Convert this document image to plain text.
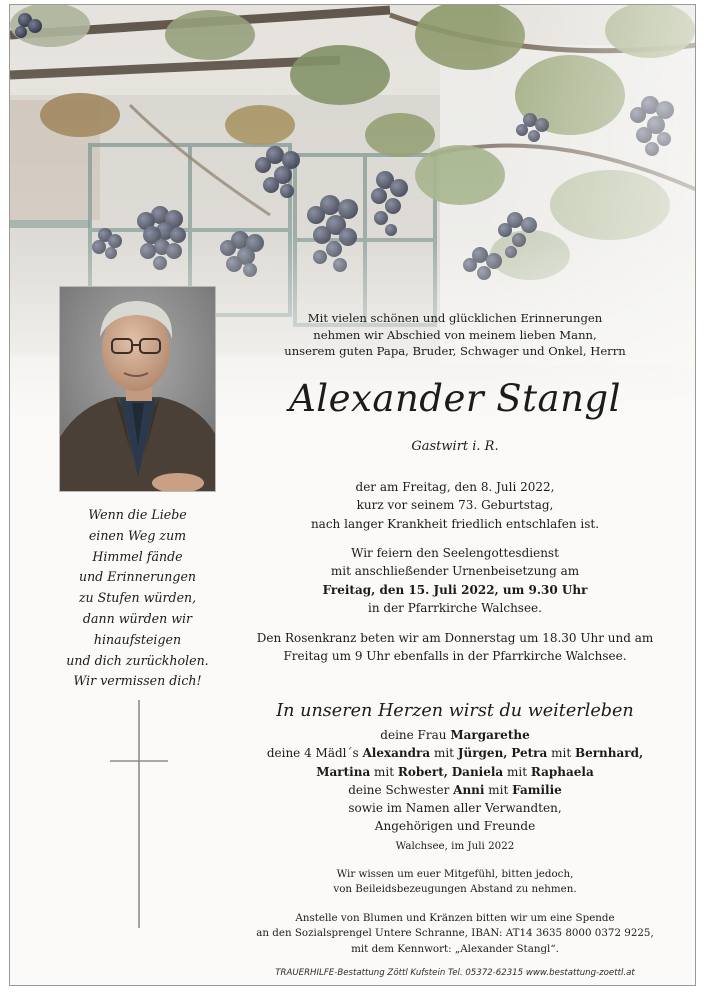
Wenn die Liebe
einen Weg zum
Himmel fände
und Erinnerungen
zu Stufen würden,
dann würden wir
hinaufsteigen
und dich zurückholen.
Wir vermissen dich!
Mit vielen schönen und glücklichen Erinnerungen
nehmen wir Abschied von meinem lieben Mann,
unserem guten Papa, Bruder, Schwager und Onkel, Herrn
Alexander Stangl
Gastwirt i. R.
der am Freitag, den 8. Juli 2022,
kurz vor seinem 73. Geburtstag,
nach langer Krankheit friedlich entschlafen ist.
Wir feiern den Seelengottesdienst
mit anschließender Urnenbeisetzung am
Freitag, den 15. Juli 2022, um 9.30 Uhr
in der Pfarrkirche Walchsee.
Den Rosenkranz beten wir am Donnerstag um 18.30 Uhr und am
Freitag um 9 Uhr ebenfalls in der Pfarrkirche Walchsee.
In unseren Herzen wirst du weiterleben
deine Frau Margarethe
deine 4 Mädl´s Alexandra mit Jürgen, Petra mit Bernhard,
Martina mit Robert, Daniela mit Raphaela
deine Schwester Anni mit Familie
sowie im Namen aller Verwandten,
Angehörigen und Freunde
Walchsee, im Juli 2022
Wir wissen um euer Mitgefühl, bitten jedoch,
von Beileidsbezeugungen Abstand zu nehmen.
Anstelle von Blumen und Kränzen bitten wir um eine Spende
an den Sozialsprengel Untere Schranne, IBAN: AT14 3635 8000 0372 9225,
mit dem Kennwort: „Alexander Stangl“.
TRAUERHILFE-Bestattung Zöttl Kufstein Tel. 05372-62315 www.bestattung-zoettl.at
